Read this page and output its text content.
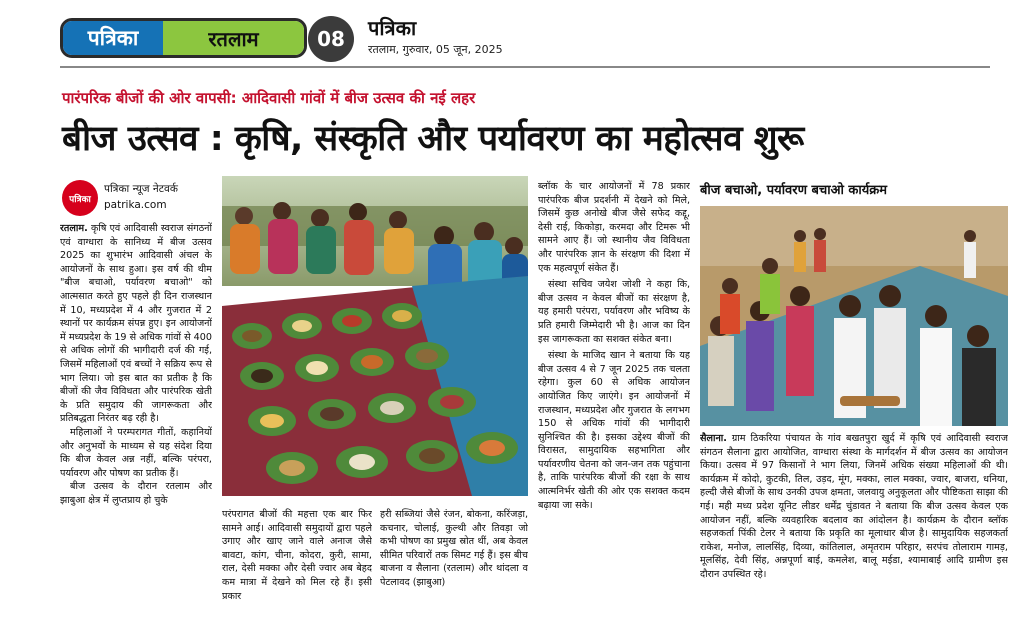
पत्रिका	रतलाम	08	पत्रिका
रतलाम, गुरुवार, 05 जून, 2025
पारंपरिक बीजों की ओर वापसी: आदिवासी गांवों में बीज उत्सव की नई लहर
बीज उत्सव : कृषि, संस्कृति और पर्यावरण का महोत्सव शुरू
पत्रिका
पत्रिका न्यूज नेटवर्क
patrika.com

रतलाम. कृषि एवं आदिवासी स्वराज संगठनों एवं वाग्धारा के सानिध्य में बीज उत्सव 2025 का शुभारंभ आदिवासी अंचल के आयोजनों के साथ हुआ। इस वर्ष की थीम "बीज बचाओ, पर्यावरण बचाओ" को आत्मसात करते हुए पहले ही दिन राजस्थान में 10, मध्यप्रदेश में 4 और गुजरात में 2 स्थानों पर कार्यक्रम संपन्न हुए। इन आयोजनों में मध्यप्रदेश के 19 से अधिक गांवों से 400 से अधिक लोगों की भागीदारी दर्ज की गई, जिसमें महिलाओं एवं बच्चों ने सक्रिय रूप से भाग लिया। जो इस बात का प्रतीक है कि बीजों की जैव विविधता और पारंपरिक खेती के प्रति समुदाय की जागरूकता और प्रतिबद्धता निरंतर बढ़ रही है।

महिलाओं ने परम्परागत गीतों, कहानियों और अनुभवों के माध्यम से यह संदेश दिया कि बीज केवल अन्न नहीं, बल्कि परंपरा, पर्यावरण और पोषण का प्रतीक हैं।

बीज उत्सव के दौरान रतलाम और झाबुआ क्षेत्र में लुप्तप्राय हो चुके

परंपरागत बीजों की महत्ता एक बार फिर सामने आई। आदिवासी समुदायों द्वारा पहले उगाए और खाए जाने वाले अनाज जैसे बावटा, कांग, चीना, कोदरा, कुरी, सामा, राल, देसी मक्का और देसी ज्वार अब बेहद कम मात्रा में देखने को मिल रहे हैं। इसी प्रकार
हरी सब्जियां जैसे रंजन, बोकना, करिंजड़ा, कचनार, चोलाई, कुल्थी और तिवड़ा जो कभी पोषण का प्रमुख स्रोत थीं, अब केवल सीमित परिवारों तक सिमट गई हैं। इस बीच बाजना व सैलाना (रतलाम) और थांदला व पेटलावद (झाबुआ)

ब्लॉक के चार आयोजनों में 78 प्रकार पारंपरिक बीज प्रदर्शनी में देखने को मिले, जिसमें कुछ अनोखे बीज जैसे सफेद कद्दू, देसी राई, किकोड़ा, करमदा और टिमरू भी सामने आए हैं। जो स्थानीय जैव विविधता और पारंपरिक ज्ञान के संरक्षण की दिशा में एक महत्वपूर्ण संकेत हैं।

संस्था सचिव जयेश जोशी ने कहा कि, बीज उत्सव न केवल बीजों का संरक्षण है, यह हमारी परंपरा, पर्यावरण और भविष्य के प्रति हमारी जिम्मेदारी भी है। आज का दिन इस जागरूकता का सशक्त संकेत बना।

संस्था के माजिद खान ने बताया कि यह बीज उत्सव 4 से 7 जून 2025 तक चलता रहेगा। कुल 60 से अधिक आयोजन आयोजित किए जाएंगे। इन आयोजनों में राजस्थान, मध्यप्रदेश और गुजरात के लगभग 150 से अधिक गांवों की भागीदारी सुनिश्चित की है। इसका उद्देश्य बीजों की विरासत, सामुदायिक सहभागिता और पर्यावरणीय चेतना को जन-जन तक पहुंचाना है, ताकि पारंपरिक बीजों की रक्षा के साथ आत्मनिर्भर खेती की ओर एक सशक्त कदम बढ़ाया जा सके।

बीज बचाओ, पर्यावरण बचाओ कार्यक्रम

सैलाना. ग्राम ठिकरिया पंचायत के गांव बखतपुरा खुर्द में कृषि एवं आदिवासी स्वराज संगठन सैलाना द्वारा आयोजित, वाग्धारा संस्था के मार्गदर्शन में बीज उत्सव का आयोजन किया। उत्सव में 97 किसानों ने भाग लिया, जिनमें अधिक संख्या महिलाओं की थी। कार्यक्रम में कोदो, कुटकी, तिल, उड़द, मूंग, मक्का, लाल मक्का, ज्वार, बाजरा, धनिया, हल्दी जैसे बीजों के साथ उनकी उपज क्षमता, जलवायु अनुकूलता और पौष्टिकता साझा की गई। मही मध्य प्रदेश यूनिट लीडर धर्मेंद्र चुंडावत ने बताया कि बीज उत्सव केवल एक आयोजन नहीं, बल्कि व्यवहारिक बदलाव का आंदोलन है। कार्यक्रम के दौरान ब्लॉक सहजकर्ता पिंकी टेलर ने बताया कि प्रकृति का मूलाधार बीज है। सामुदायिक सहजकर्ता राकेश, मनोज, लालसिंह, दिव्या, कांतिलाल, अमृतराम परिहार, सरपंच तोलाराम गामड़, मूलसिंह, देवी सिंह, अन्नपूर्णा बाई, कमलेश, बालू मईडा, श्यामाबाई आदि ग्रामीण इस दौरान उपस्थित रहे।
